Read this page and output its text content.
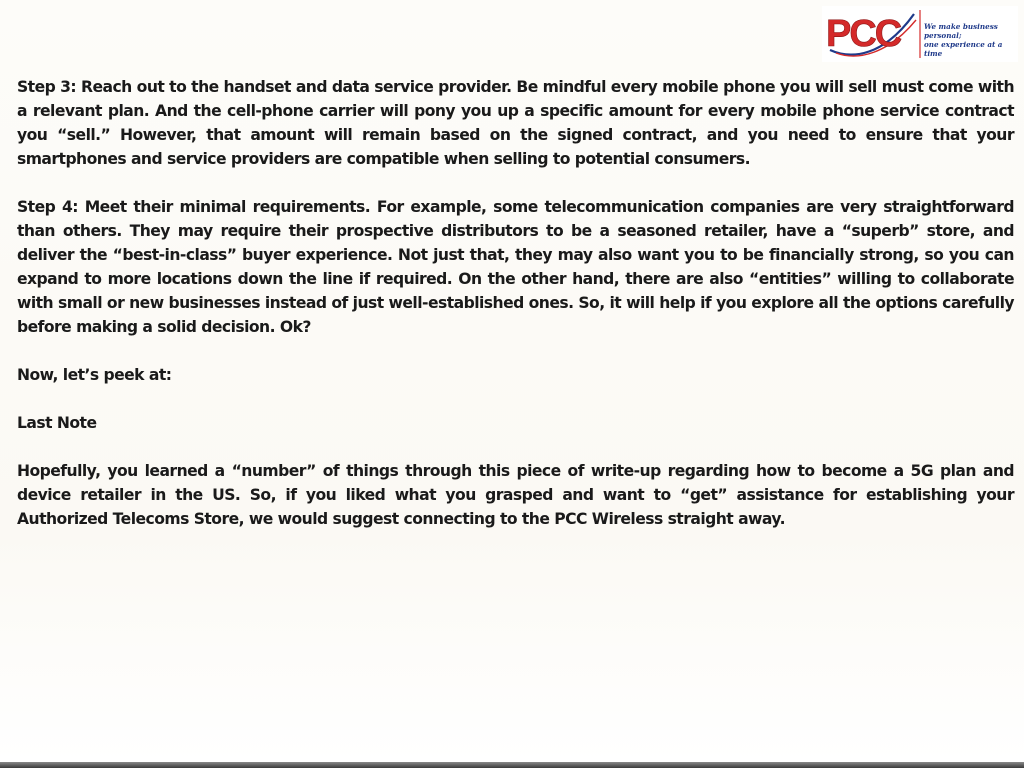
PCC	We make business personal;
one experience at a time

Step 3: Reach out to the handset and data service provider. Be mindful every mobile phone you will sell must come with a relevant plan. And the cell-phone carrier will pony you up a specific amount for every mobile phone service contract you “sell.” However, that amount will remain based on the signed contract, and you need to ensure that your smartphones and service providers are compatible when selling to potential consumers.

Step 4: Meet their minimal requirements. For example, some telecommunication companies are very straightforward than others. They may require their prospective distributors to be a seasoned retailer, have a “superb” store, and deliver the “best-in-class” buyer experience. Not just that, they may also want you to be financially strong, so you can expand to more locations down the line if required. On the other hand, there are also “entities” willing to collaborate with small or new businesses instead of just well-established ones. So, it will help if you explore all the options carefully before making a solid decision. Ok?

Now, let’s peek at:

Last Note

Hopefully, you learned a “number” of things through this piece of write-up regarding how to become a 5G plan and device retailer in the US. So, if you liked what you grasped and want to “get” assistance for establishing your Authorized Telecoms Store, we would suggest connecting to the PCC Wireless straight away.
